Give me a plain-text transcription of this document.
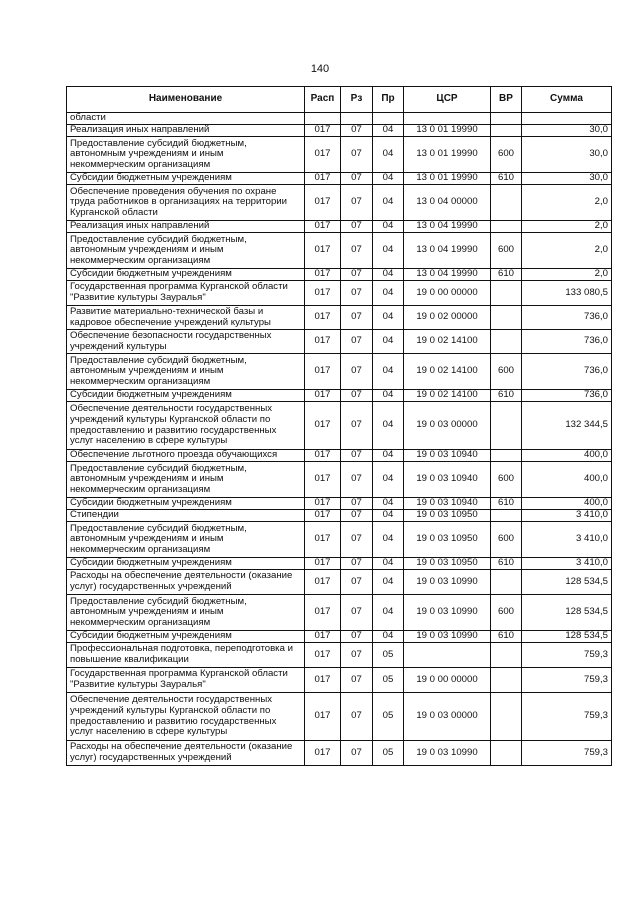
140
Наименование	Расп	Рз	Пр	ЦСР	ВР	Сумма
области						
Реализация иных направлений	017	07	04	13 0 01 19990		30,0
Предоставление субсидий бюджетным, автономным учреждениям и иным некоммерческим организациям	017	07	04	13 0 01 19990	600	30,0
Субсидии бюджетным учреждениям	017	07	04	13 0 01 19990	610	30,0
Обеспечение проведения обучения по охране труда работников в организациях на территории Курганской области	017	07	04	13 0 04 00000		2,0
Реализация иных направлений	017	07	04	13 0 04 19990		2,0
Предоставление субсидий бюджетным, автономным учреждениям и иным некоммерческим организациям	017	07	04	13 0 04 19990	600	2,0
Субсидии бюджетным учреждениям	017	07	04	13 0 04 19990	610	2,0
Государственная программа Курганской области "Развитие культуры Зауралья"	017	07	04	19 0 00 00000		133 080,5
Развитие материально-технической базы и кадровое обеспечение учреждений культуры	017	07	04	19 0 02 00000		736,0
Обеспечение безопасности государственных учреждений культуры	017	07	04	19 0 02 14100		736,0
Предоставление субсидий бюджетным, автономным учреждениям и иным некоммерческим организациям	017	07	04	19 0 02 14100	600	736,0
Субсидии бюджетным учреждениям	017	07	04	19 0 02 14100	610	736,0
Обеспечение деятельности государственных учреждений культуры Курганской области по предоставлению и развитию государственных услуг населению в сфере культуры	017	07	04	19 0 03 00000		132 344,5
Обеспечение льготного проезда обучающихся	017	07	04	19 0 03 10940		400,0
Предоставление субсидий бюджетным, автономным учреждениям и иным некоммерческим организациям	017	07	04	19 0 03 10940	600	400,0
Субсидии бюджетным учреждениям	017	07	04	19 0 03 10940	610	400,0
Стипендии	017	07	04	19 0 03 10950		3 410,0
Предоставление субсидий бюджетным, автономным учреждениям и иным некоммерческим организациям	017	07	04	19 0 03 10950	600	3 410,0
Субсидии бюджетным учреждениям	017	07	04	19 0 03 10950	610	3 410,0
Расходы на обеспечение деятельности (оказание услуг) государственных учреждений	017	07	04	19 0 03 10990		128 534,5
Предоставление субсидий бюджетным, автономным учреждениям и иным некоммерческим организациям	017	07	04	19 0 03 10990	600	128 534,5
Субсидии бюджетным учреждениям	017	07	04	19 0 03 10990	610	128 534,5
Профессиональная подготовка, переподготовка и повышение квалификации	017	07	05			759,3
Государственная программа Курганской области "Развитие культуры Зауралья"	017	07	05	19 0 00 00000		759,3
Обеспечение деятельности государственных учреждений культуры Курганской области по предоставлению и развитию государственных услуг населению в сфере культуры	017	07	05	19 0 03 00000		759,3
Расходы на обеспечение деятельности (оказание услуг) государственных учреждений	017	07	05	19 0 03 10990		759,3
